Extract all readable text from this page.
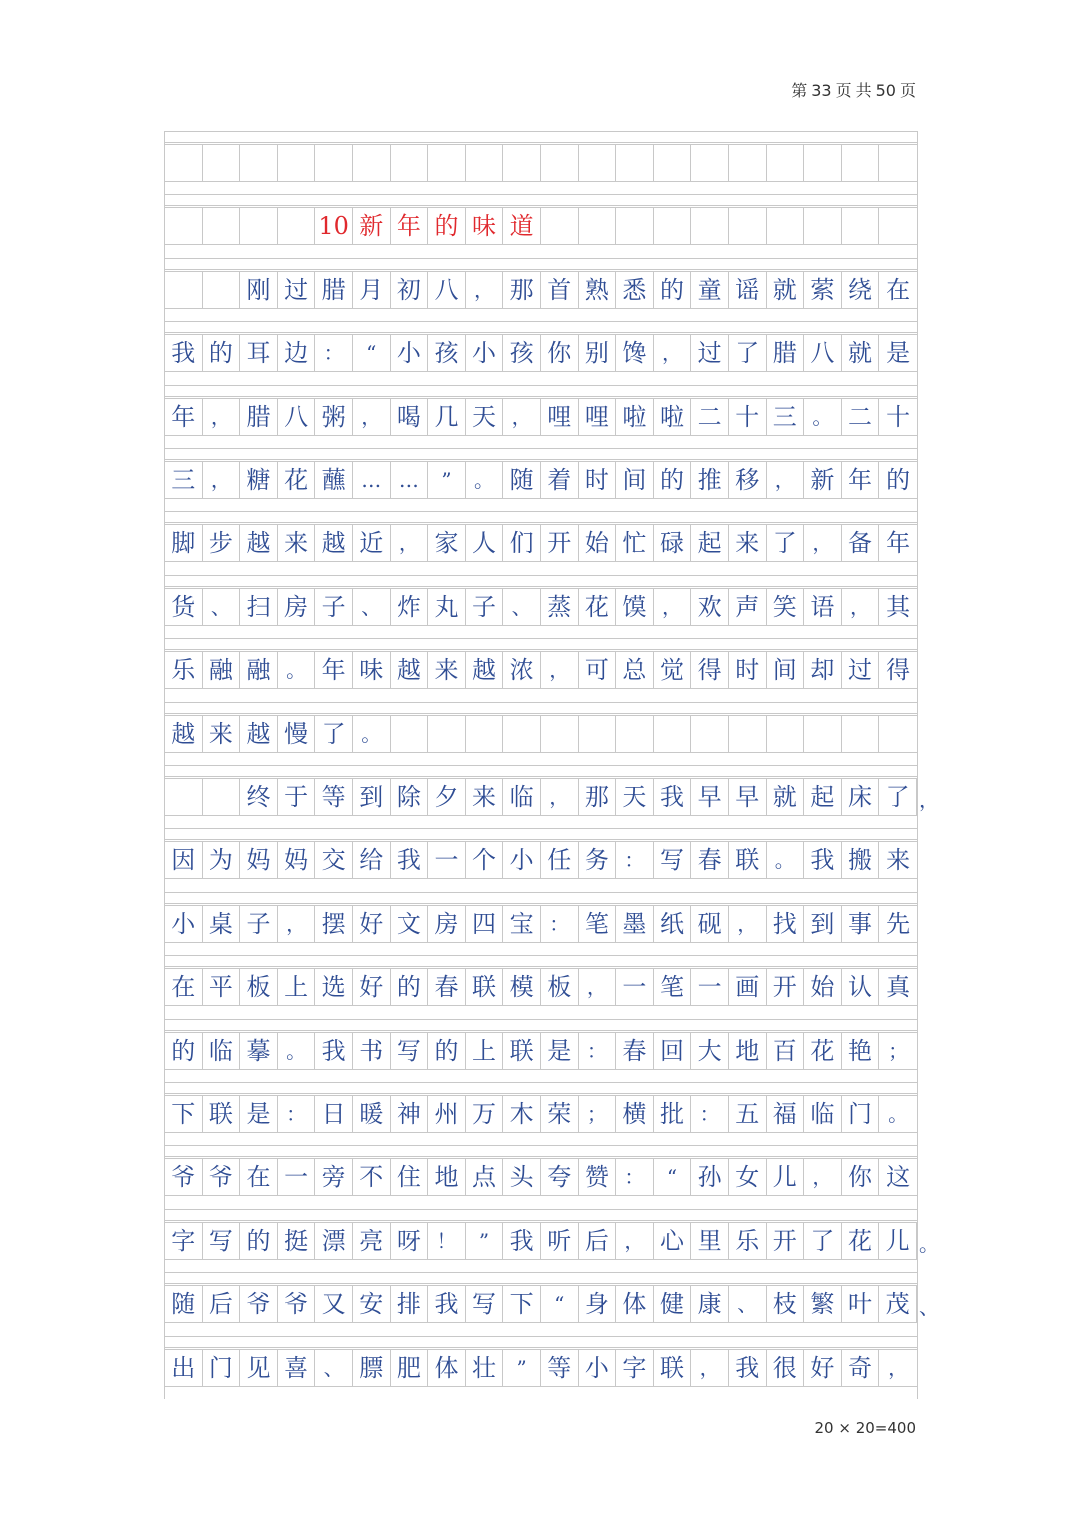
第 33 页 共 50 页
10 新 年 的 味 道
刚 过 腊 月 初 八 ， 那 首 熟 悉 的 童 谣 就 萦 绕 在
我 的 耳 边 ：	“ 小 孩 小 孩 你 别 馋 ， 过 了 腊 八 就 是
年 ， 腊 八 粥 ， 喝 几 天 ， 哩 哩 啦 啦 二 十 三 。 二 十
三 ， 糖 花 蘸 … …	”	。 随 着 时 间 的 推 移 ， 新 年 的
脚 步 越 来 越 近 ， 家 人 们 开 始 忙 碌 起 来 了 ， 备 年
货 、 扫 房 子 、 炸 丸 子 、 蒸 花 馍 ， 欢 声 笑 语 ， 其
乐 融 融 。 年 味 越 来 越 浓 ， 可 总 觉 得 时 间 却 过 得
越 来 越 慢 了 。
终 于 等 到 除 夕 来 临 ， 那 天 我 早 早 就 起 床 了 ，
因 为 妈 妈 交 给 我 一 个 小 任 务 ： 写 春 联 。 我 搬 来
小 桌 子 ， 摆 好 文 房 四 宝 ： 笔 墨 纸 砚 ， 找 到 事 先
在 平 板 上 选 好 的 春 联 模 板 ， 一 笔 一 画 开 始 认 真
的 临 摹 。 我 书 写 的 上 联 是 ： 春 回 大 地 百 花 艳 ；
下 联 是 ： 日 暖 神 州 万 木 荣 ； 横 批 ： 五 福 临 门 。
爷 爷 在 一 旁 不 住 地 点 头 夸 赞 ：	“ 孙 女 儿 ， 你 这
字 写 的 挺 漂 亮 呀 ！	” 我 听 后 ， 心 里 乐 开 了 花 儿 。
随 后 爷 爷 又 安 排 我 写 下	“ 身 体 健 康 、 枝 繁 叶 茂 、
出 门 见 喜 、 膘 肥 体 壮	” 等 小 字 联 ， 我 很 好 奇 ，
20 × 20=400
